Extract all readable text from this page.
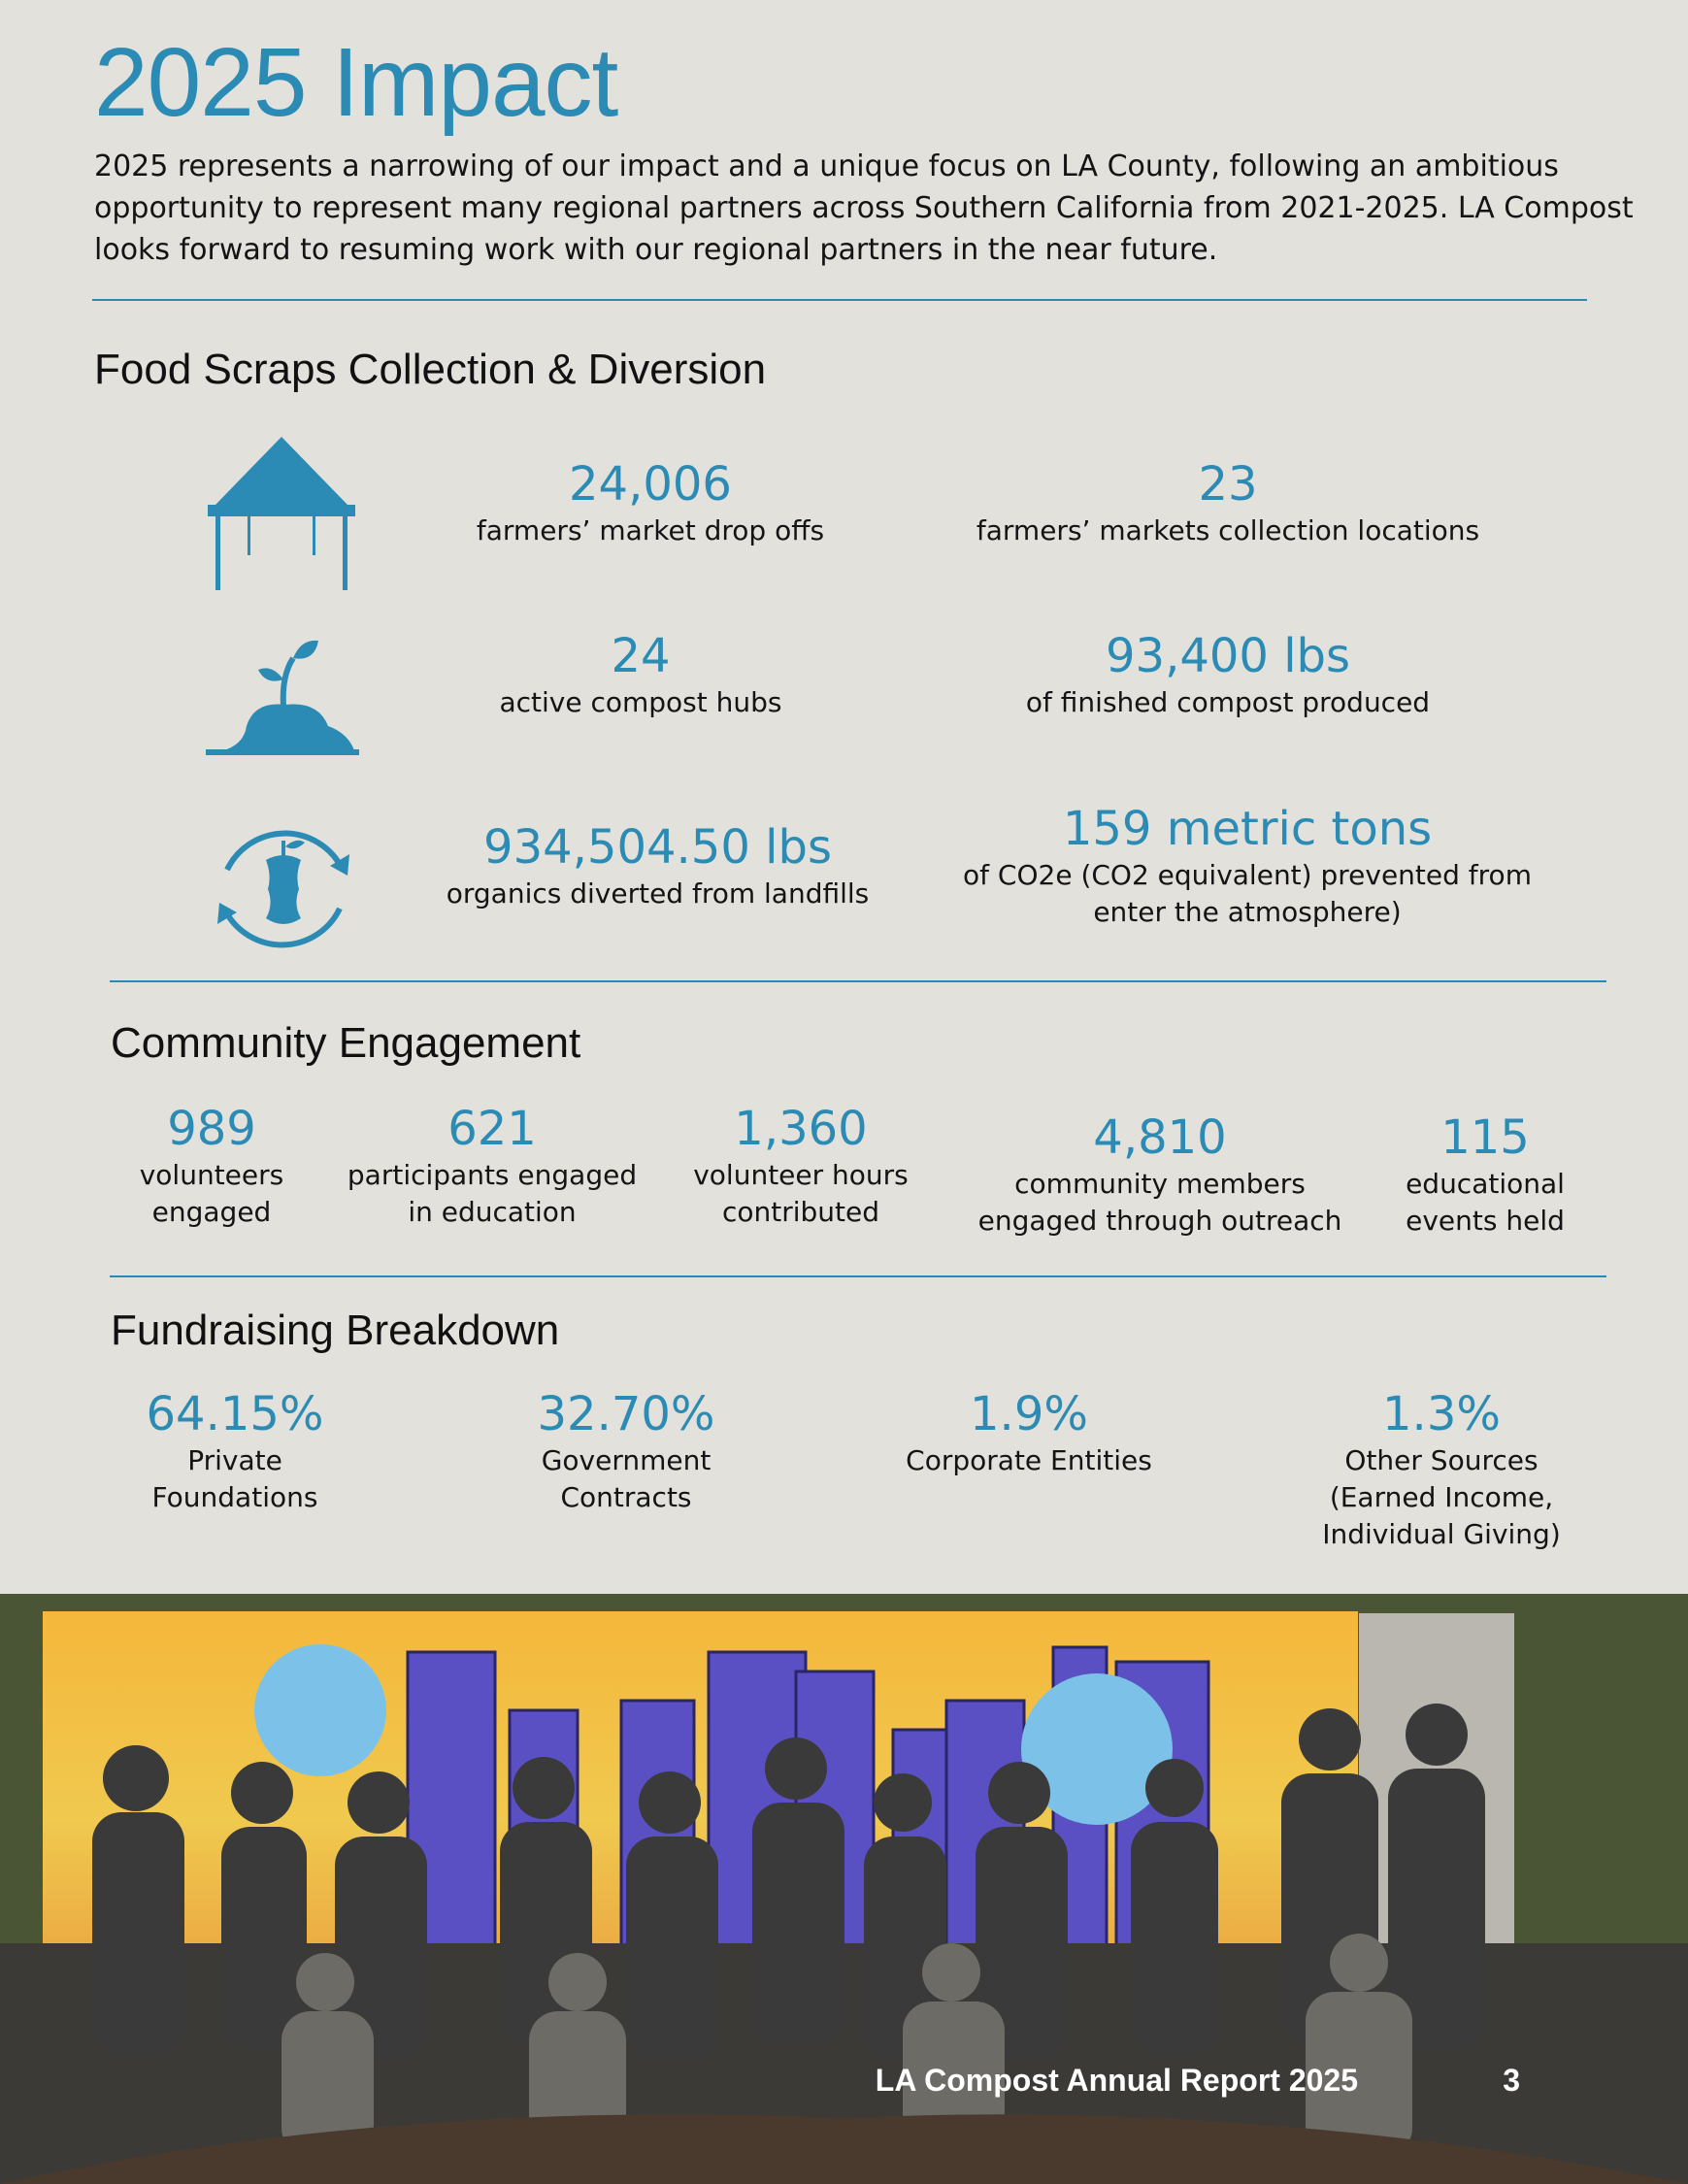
2025 Impact

2025 represents a narrowing of our impact and a unique focus on LA County, following an ambitious opportunity to represent many regional partners across Southern California from 2021-2025. LA Compost looks forward to resuming work with our regional partners in the near future.

Food Scraps Collection & Diversion
24,006
farmers’ market drop offs
23
farmers’ markets collection locations
24
active compost hubs
93,400 lbs
of finished compost produced
934,504.50 lbs
organics diverted from landfills
159 metric tons
of CO2e (CO2 equivalent) prevented from enter the atmosphere)
Community Engagement
989
volunteers engaged
621
participants engaged in education
1,360
volunteer hours contributed
4,810
community members engaged through outreach
115
educational events held
Fundraising Breakdown
64.15%
Private Foundations
32.70%
Government Contracts
1.9%
Corporate Entities
1.3%
Other Sources (Earned Income, Individual Giving)
LA Compost Annual Report 2025	3
